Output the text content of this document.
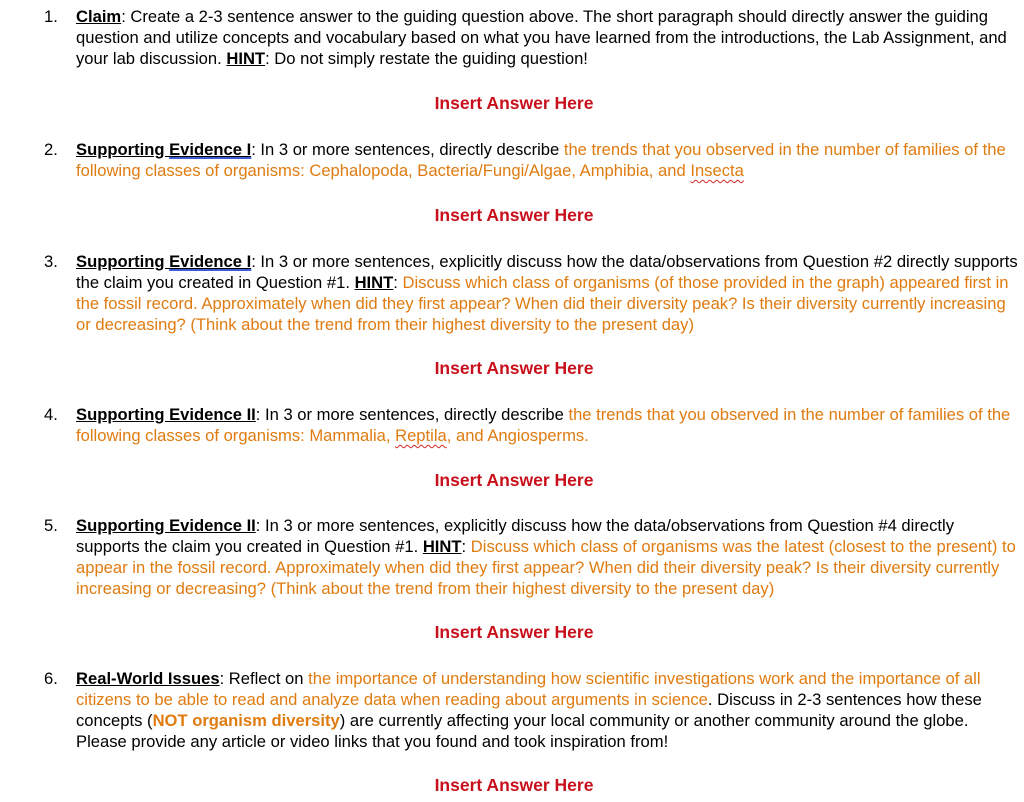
1. Claim: Create a 2-3 sentence answer to the guiding question above. The short paragraph should directly answer the guiding question and utilize concepts and vocabulary based on what you have learned from the introductions, the Lab Assignment, and your lab discussion. HINT: Do not simply restate the guiding question!
Insert Answer Here
2. Supporting Evidence I: In 3 or more sentences, directly describe the trends that you observed in the number of families of the following classes of organisms: Cephalopoda, Bacteria/Fungi/Algae, Amphibia, and Insecta
Insert Answer Here
3. Supporting Evidence I: In 3 or more sentences, explicitly discuss how the data/observations from Question #2 directly supports the claim you created in Question #1. HINT: Discuss which class of organisms (of those provided in the graph) appeared first in the fossil record. Approximately when did they first appear? When did their diversity peak? Is their diversity currently increasing or decreasing? (Think about the trend from their highest diversity to the present day)
Insert Answer Here
4. Supporting Evidence II: In 3 or more sentences, directly describe the trends that you observed in the number of families of the following classes of organisms: Mammalia, Reptila, and Angiosperms.
Insert Answer Here
5. Supporting Evidence II: In 3 or more sentences, explicitly discuss how the data/observations from Question #4 directly supports the claim you created in Question #1. HINT: Discuss which class of organisms was the latest (closest to the present) to appear in the fossil record. Approximately when did they first appear? When did their diversity peak? Is their diversity currently increasing or decreasing? (Think about the trend from their highest diversity to the present day)
Insert Answer Here
6. Real-World Issues: Reflect on the importance of understanding how scientific investigations work and the importance of all citizens to be able to read and analyze data when reading about arguments in science. Discuss in 2-3 sentences how these concepts (NOT organism diversity) are currently affecting your local community or another community around the globe. Please provide any article or video links that you found and took inspiration from!
Insert Answer Here
